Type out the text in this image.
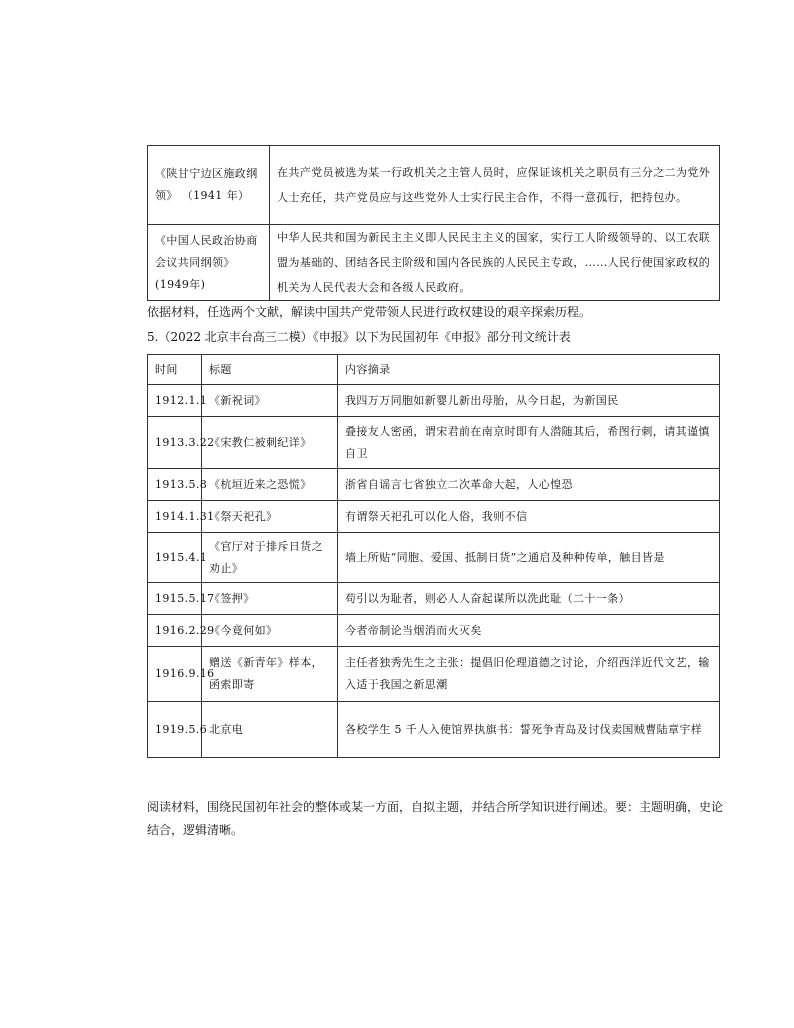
《陕甘宁边区施政纲领》 （1941 年）	在共产党员被选为某一行政机关之主管人员时，应保证该机关之职员有三分之二为党外人士充任，共产党员应与这些党外人士实行民主合作，不得一意孤行，把持包办。
《中国人民政治协商会议共同纲领》(1949年)	中华人民共和国为新民主主义即人民民主主义的国家，实行工人阶级领导的、以工农联盟为基础的、团结各民主阶级和国内各民族的人民民主专政，……人民行使国家政权的机关为人民代表大会和各级人民政府。
依据材料，任选两个文献，解读中国共产党带领人民进行政权建设的艰辛探索历程。
5.（2022 北京丰台高三二模）《申报》以下为民国初年《申报》部分刊文统计表
时间	标题	内容摘录
1912.1.1	《新祝词》	我四万万同胞如新婴儿新出母胎，从今日起，为新国民
1913.3.22	《宋教仁被刺纪详》	叠接友人密函，谓宋君前在南京时即有人潜随其后，希图行刺，请其谨慎自卫
1913.5.8	《杭垣近来之恐慌》	浙省自谣言七省独立二次革命大起，人心惶恐
1914.1.31	《祭天祀孔》	有谓祭天祀孔可以化人俗，我则不信
1915.4.1	《官厅对于排斥日货之劝止》	墙上所贴“同胞、爱国、抵制日货”之通启及种种传单，触目皆是
1915.5.17	《签押》	苟引以为耻者，则必人人奋起谋所以洗此耻（二十一条）
1916.2.29	《今竟何如》	今者帝制论当烟消而火灭矣
1916.9.16	赠送《新青年》样本，函索即寄	主任者独秀先生之主张：提倡旧伦理道德之讨论，介绍西洋近代文艺，输入适于我国之新思潮
1919.5.6	北京电	各校学生 5 千人入使馆界执旗书：誓死争青岛及讨伐卖国贼曹陆章宇样
阅读材料，围绕民国初年社会的整体或某一方面，自拟主题，并结合所学知识进行阐述。要：主题明确，史论结合，逻辑清晰。
